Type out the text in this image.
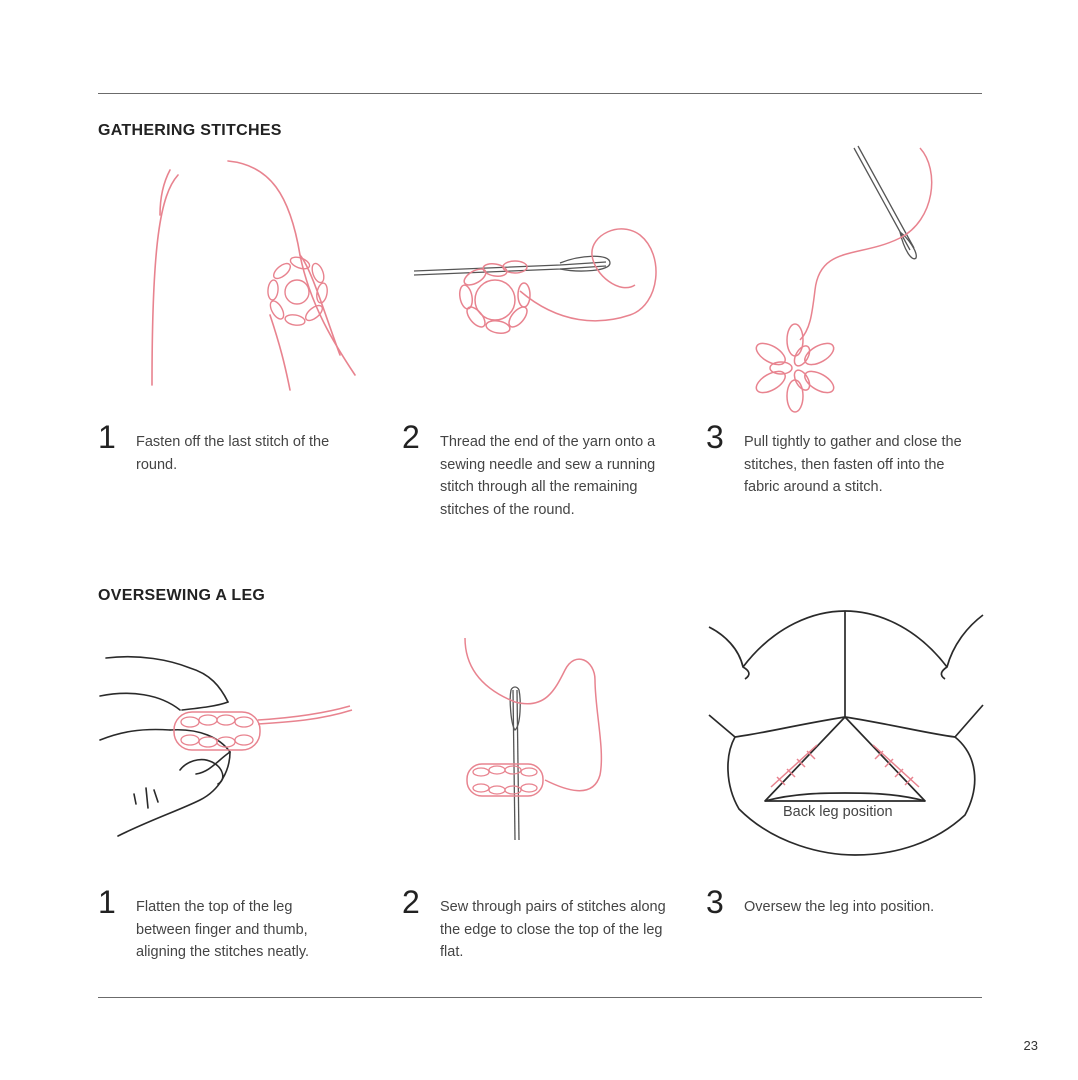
GATHERING STITCHES
1 Fasten off the last stitch of the round.
2 Thread the end of the yarn onto a sewing needle and sew a running stitch through all the remaining stitches of the round.
3 Pull tightly to gather and close the stitches, then fasten off into the fabric around a stitch.
OVERSEWING A LEG
Back leg position
1 Flatten the top of the leg between finger and thumb, aligning the stitches neatly.
2 Sew through pairs of stitches along the edge to close the top of the leg flat.
3 Oversew the leg into position.
23
